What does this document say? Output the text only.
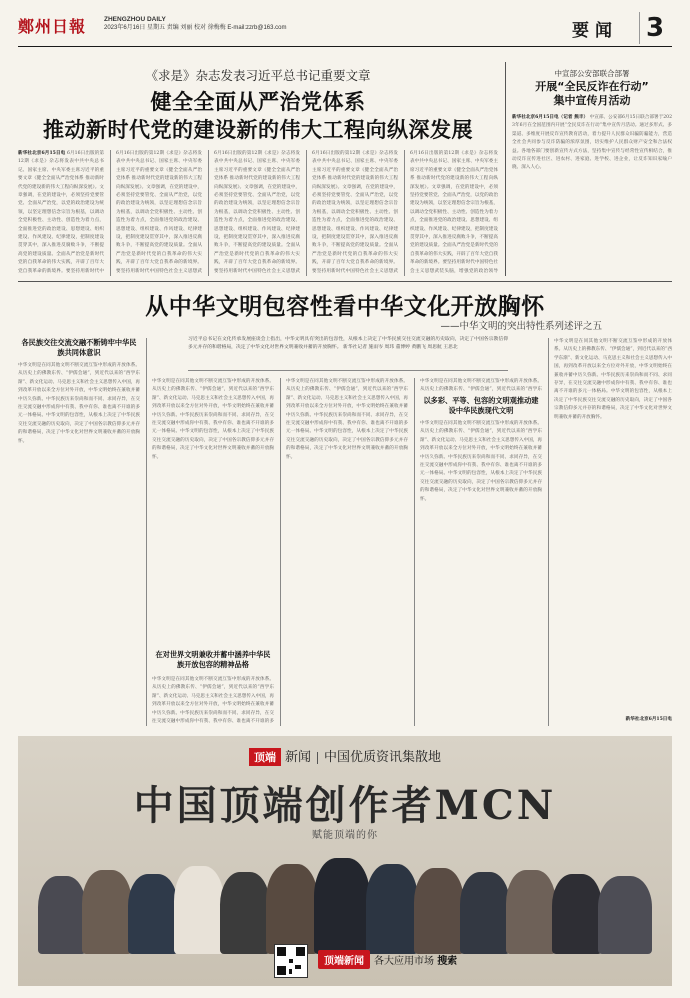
鄭州日報	ZHENGZHOU DAILY
2023年6月16日 星期五 责编 刘丽 校对 徐梅梅 E-mail:zzrb@163.com	要闻 3
《求是》杂志发表习近平总书记重要文章
健全全面从严治党体系
推动新时代党的建设新的伟大工程向纵深发展
新华社北京6月15日电 6月16日出版的第12期《求是》杂志将发表中共中央总书记、国家主席、中央军委主席习近平的重要文章《健全全面从严治党体系 推动新时代党的建设新的伟大工程向纵深发展》。文章强调，在党的建设中，必须坚持党要管党、全面从严治党，以党的政治建设为统领，以坚定理想信念宗旨为根基，以调动全党积极性、主动性、创造性为着力点，全面推进党的政治建设、思想建设、组织建设、作风建设、纪律建设，把制度建设贯穿其中，深入推进反腐败斗争，不断提高党的建设质量。全面从严治党是新时代党的自我革命的伟大实践，开辟了百年大党自我革命的新境界。要坚持用新时代中
6月16日出版的第12期《求是》杂志将发表中共中央总书记、国家主席、中央军委主席习近平的重要文章《健全全面从严治党体系 推动新时代党的建设新的伟大工程向纵深发展》。文章强调，在党的建设中，必须坚持党要管党、全面从严治党，以党的政治建设为统领，以坚定理想信念宗旨为根基，以调动全党积极性、主动性、创造性为着力点，全面推进党的政治建设、思想建设、组织建设、作风建设、纪律建设，把制度建设贯穿其中，深入推进反腐败斗争，不断提高党的建设质量。全面从严治党是新时代党的自我革命的伟大实践，开辟了百年大党自我革命的新境界。要坚持用新时代中国特色社会主义思想武
6月16日出版的第12期《求是》杂志将发表中共中央总书记、国家主席、中央军委主席习近平的重要文章《健全全面从严治党体系 推动新时代党的建设新的伟大工程向纵深发展》。文章强调，在党的建设中，必须坚持党要管党、全面从严治党，以党的政治建设为统领，以坚定理想信念宗旨为根基，以调动全党积极性、主动性、创造性为着力点，全面推进党的政治建设、思想建设、组织建设、作风建设、纪律建设，把制度建设贯穿其中，深入推进反腐败斗争，不断提高党的建设质量。全面从严治党是新时代党的自我革命的伟大实践，开辟了百年大党自我革命的新境界。要坚持用新时代中国特色社会主义思想武
6月16日出版的第12期《求是》杂志将发表中共中央总书记、国家主席、中央军委主席习近平的重要文章《健全全面从严治党体系 推动新时代党的建设新的伟大工程向纵深发展》。文章强调，在党的建设中，必须坚持党要管党、全面从严治党，以党的政治建设为统领，以坚定理想信念宗旨为根基，以调动全党积极性、主动性、创造性为着力点，全面推进党的政治建设、思想建设、组织建设、作风建设、纪律建设，把制度建设贯穿其中，深入推进反腐败斗争，不断提高党的建设质量。全面从严治党是新时代党的自我革命的伟大实践，开辟了百年大党自我革命的新境界。要坚持用新时代中国特色社会主义思想武
6月16日出版的第12期《求是》杂志将发表中共中央总书记、国家主席、中央军委主席习近平的重要文章《健全全面从严治党体系 推动新时代党的建设新的伟大工程向纵深发展》。文章强调，在党的建设中，必须坚持党要管党、全面从严治党，以党的政治建设为统领，以坚定理想信念宗旨为根基，以调动全党积极性、主动性、创造性为着力点，全面推进党的政治建设、思想建设、组织建设、作风建设、纪律建设，把制度建设贯穿其中，深入推进反腐败斗争，不断提高党的建设质量。全面从严治党是新时代党的自我革命的伟大实践，开辟了百年大党自我革命的新境界。要坚持用新时代中国特色社会主义思想武装头脑，增强党的政治领导
中宣部公安部联合部署
开展“全民反诈在行动”
集中宣传月活动
新华社北京6月15日电（记者 熊丰） 中宣部、公安部6月15日联合部署于2023年6月在全国范围内开展“全民反诈在行动”集中宣传月活动。通过多形式、多渠道、多维度开展反诈宣传教育活动，着力提升人民群众识骗防骗能力，营造全社会共同参与反诈防骗的浓厚氛围，切实维护人民群众财产安全和合法权益。各地各部门要创新宣传方式方法，坚持集中宣传与经常性宣传相结合，推动反诈宣传进社区、进农村、进家庭、进学校、进企业，让反诈知识家喻户晓、深入人心。
从中华文明包容性看中华文化开放胸怀
——中华文明的突出特性系列述评之五
习近平总书记在文化传承发展座谈会上指出，中华文明具有突出的包容性，从根本上决定了中华民族交往交流交融的历史取向，决定了中国各宗教信仰多元并存的和谐格局，决定了中华文化对世界文明兼收并蓄的开放胸怀。 新华社记者 施雨岑 周玮 董博婷 黄鹏飞 周思航 王思北
各民族交往交流交融不断铸牢中华民族共同体意识
中华文明是在同其他文明不断交流互鉴中形成的开放体系。从历史上的佛教东传、“伊儒会通”，到近代以来的“西学东渐”、新文化运动、马克思主义和社会主义思想传入中国，再到改革开放以来全方位对外开放，中华文明始终在兼收并蓄中历久弥新。中华民族历来崇尚和而不同、求同存异，在交往交流交融中形成你中有我、我中有你、谁也离不开谁的多元一体格局。中华文明的包容性，从根本上决定了中华民族交往交流交融的历史取向，决定了中国各宗教信仰多元并存的和谐格局，决定了中华文化对世界文明兼收并蓄的开放胸怀。
中华文明是在同其他文明不断交流互鉴中形成的开放体系。从历史上的佛教东传、“伊儒会通”，到近代以来的“西学东渐”、新文化运动、马克思主义和社会主义思想传入中国，再到改革开放以来全方位对外开放，中华文明始终在兼收并蓄中历久弥新。中华民族历来崇尚和而不同、求同存异，在交往交流交融中形成你中有我、我中有你、谁也离不开谁的多元一体格局。中华文明的包容性，从根本上决定了中华民族交往交流交融的历史取向，决定了中国各宗教信仰多元并存的和谐格局，决定了中华文化对世界文明兼收并蓄的开放胸怀。
在对世界文明兼收并蓄中涵养中华民族开放包容的精神品格
中华文明是在同其他文明不断交流互鉴中形成的开放体系。从历史上的佛教东传、“伊儒会通”，到近代以来的“西学东渐”、新文化运动、马克思主义和社会主义思想传入中国，再到改革开放以来全方位对外开放，中华文明始终在兼收并蓄中历久弥新。中华民族历来崇尚和而不同、求同存异，在交往交流交融中形成你中有我、我中有你、谁也离不开谁的多
中华文明是在同其他文明不断交流互鉴中形成的开放体系。从历史上的佛教东传、“伊儒会通”，到近代以来的“西学东渐”、新文化运动、马克思主义和社会主义思想传入中国，再到改革开放以来全方位对外开放，中华文明始终在兼收并蓄中历久弥新。中华民族历来崇尚和而不同、求同存异，在交往交流交融中形成你中有我、我中有你、谁也离不开谁的多元一体格局。中华文明的包容性，从根本上决定了中华民族交往交流交融的历史取向，决定了中国各宗教信仰多元并存的和谐格局，决定了中华文化对世界文明兼收并蓄的开放胸怀。
中华文明是在同其他文明不断交流互鉴中形成的开放体系。从历史上的佛教东传、“伊儒会通”，到近代以来的“西学东
以多彩、平等、包容的文明观推动建设中华民族现代文明
中华文明是在同其他文明不断交流互鉴中形成的开放体系。从历史上的佛教东传、“伊儒会通”，到近代以来的“西学东渐”、新文化运动、马克思主义和社会主义思想传入中国，再到改革开放以来全方位对外开放，中华文明始终在兼收并蓄中历久弥新。中华民族历来崇尚和而不同、求同存异，在交往交流交融中形成你中有我、我中有你、谁也离不开谁的多元一体格局。中华文明的包容性，从根本上决定了中华民族交往交流交融的历史取向，决定了中国各宗教信仰多元并存的和谐格局，决定了中华文化对世界文明兼收并蓄的开放胸怀。
中华文明是在同其他文明不断交流互鉴中形成的开放体系。从历史上的佛教东传、“伊儒会通”，到近代以来的“西学东渐”、新文化运动、马克思主义和社会主义思想传入中国，再到改革开放以来全方位对外开放，中华文明始终在兼收并蓄中历久弥新。中华民族历来崇尚和而不同、求同存异，在交往交流交融中形成你中有我、我中有你、谁也离不开谁的多元一体格局。中华文明的包容性，从根本上决定了中华民族交往交流交融的历史取向，决定了中国各宗教信仰多元并存的和谐格局，决定了中华文化对世界文明兼收并蓄的开放胸怀。
新华社北京6月15日电
顶端 新闻 中国优质资讯集散地
中国顶端创作者MCN
赋能顶端的你
顶端新闻 各大应用市场 搜索
